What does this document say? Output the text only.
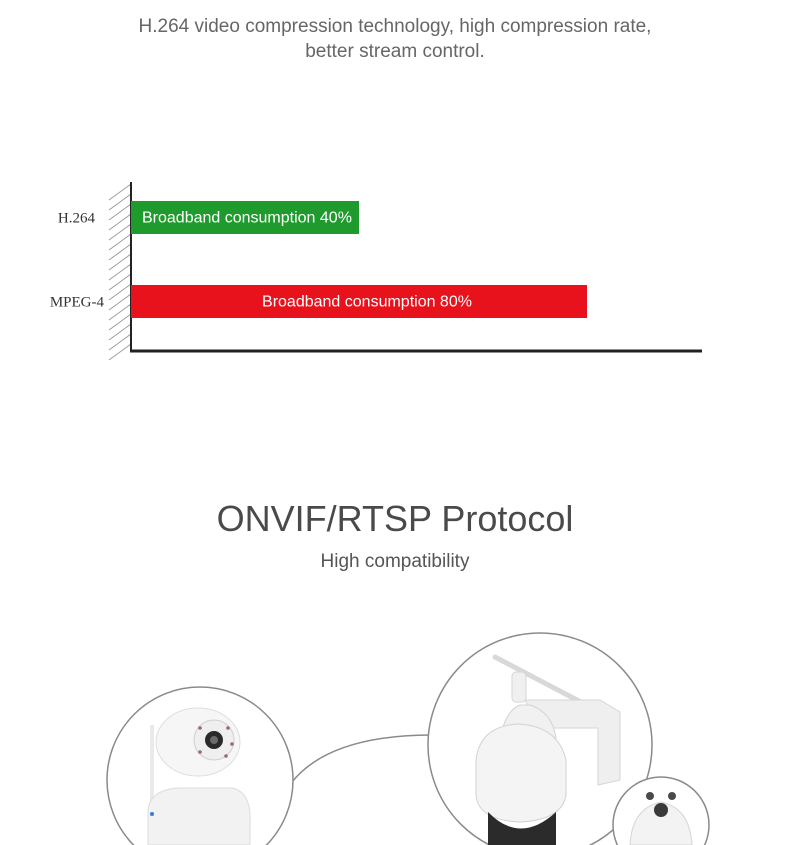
H.264 video compression technology, high compression rate,
better stream control.
Broadband consumption 40%
H.264
Broadband consumption 80%
MPEG-4
ONVIF/RTSP Protocol
High compatibility
